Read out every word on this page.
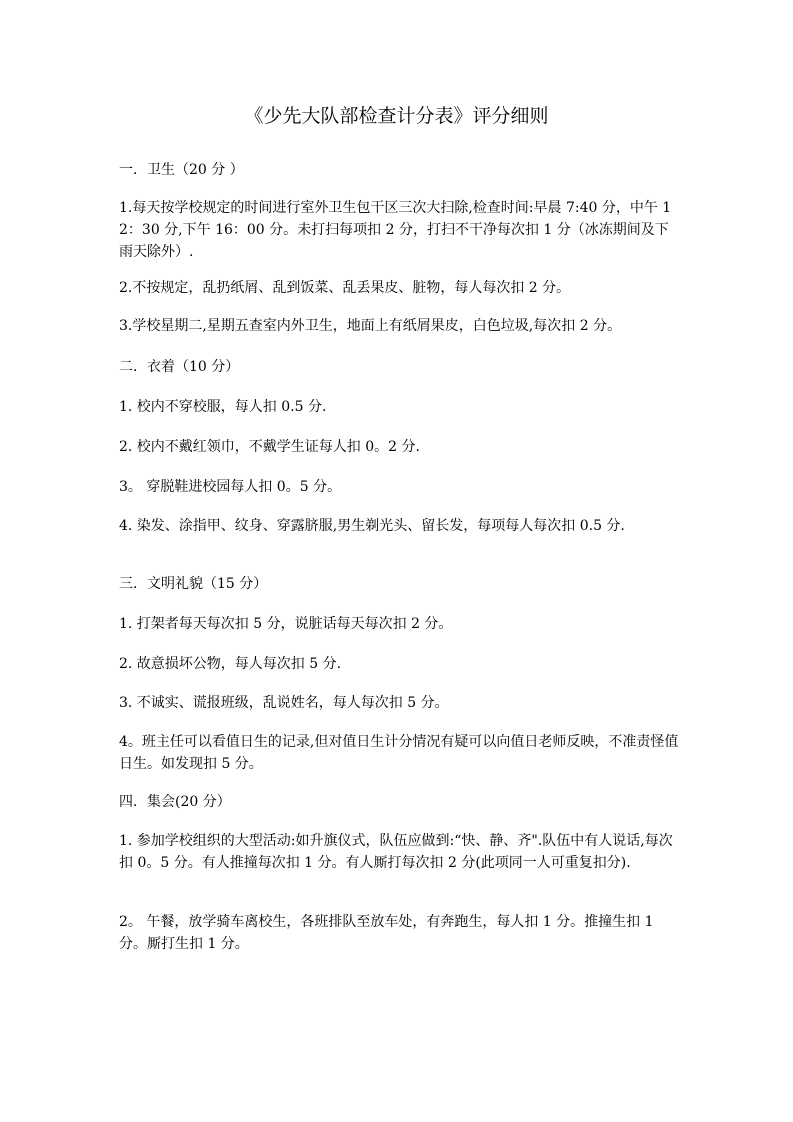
《少先大队部检查计分表》评分细则

一．卫生（20 分 ）

1.每天按学校规定的时间进行室外卫生包干区三次大扫除,检查时间:早晨 7:40 分，中午 12：30 分,下午 16：00 分。未打扫每项扣 2 分，打扫不干净每次扣 1 分（冰冻期间及下雨天除外）.

2.不按规定，乱扔纸屑、乱到饭菜、乱丢果皮、脏物，每人每次扣 2 分。

3.学校星期二,星期五查室内外卫生，地面上有纸屑果皮，白色垃圾,每次扣 2 分。

二．衣着（10 分）

1. 校内不穿校服，每人扣 0.5 分.

2. 校内不戴红领巾，不戴学生证每人扣 0。2 分.

3。 穿脱鞋进校园每人扣 0。5 分。

4. 染发、涂指甲、纹身、穿露脐服,男生剃光头、留长发，每项每人每次扣 0.5 分.

三．文明礼貌（15 分）

1. 打架者每天每次扣 5 分，说脏话每天每次扣 2 分。

2. 故意损坏公物，每人每次扣 5 分.

3. 不诚实、谎报班级，乱说姓名，每人每次扣 5 分。

4。班主任可以看值日生的记录,但对值日生计分情况有疑可以向值日老师反映，不准责怪值日生。如发现扣 5 分。

四．集会(20 分）

1. 参加学校组织的大型活动:如升旗仪式，队伍应做到:“快、静、齐".队伍中有人说话,每次扣 0。5 分。有人推撞每次扣 1 分。有人厮打每次扣 2 分(此项同一人可重复扣分).

2。 午餐，放学骑车离校生，各班排队至放车处，有奔跑生，每人扣 1 分。推撞生扣 1 分。厮打生扣 1 分。
